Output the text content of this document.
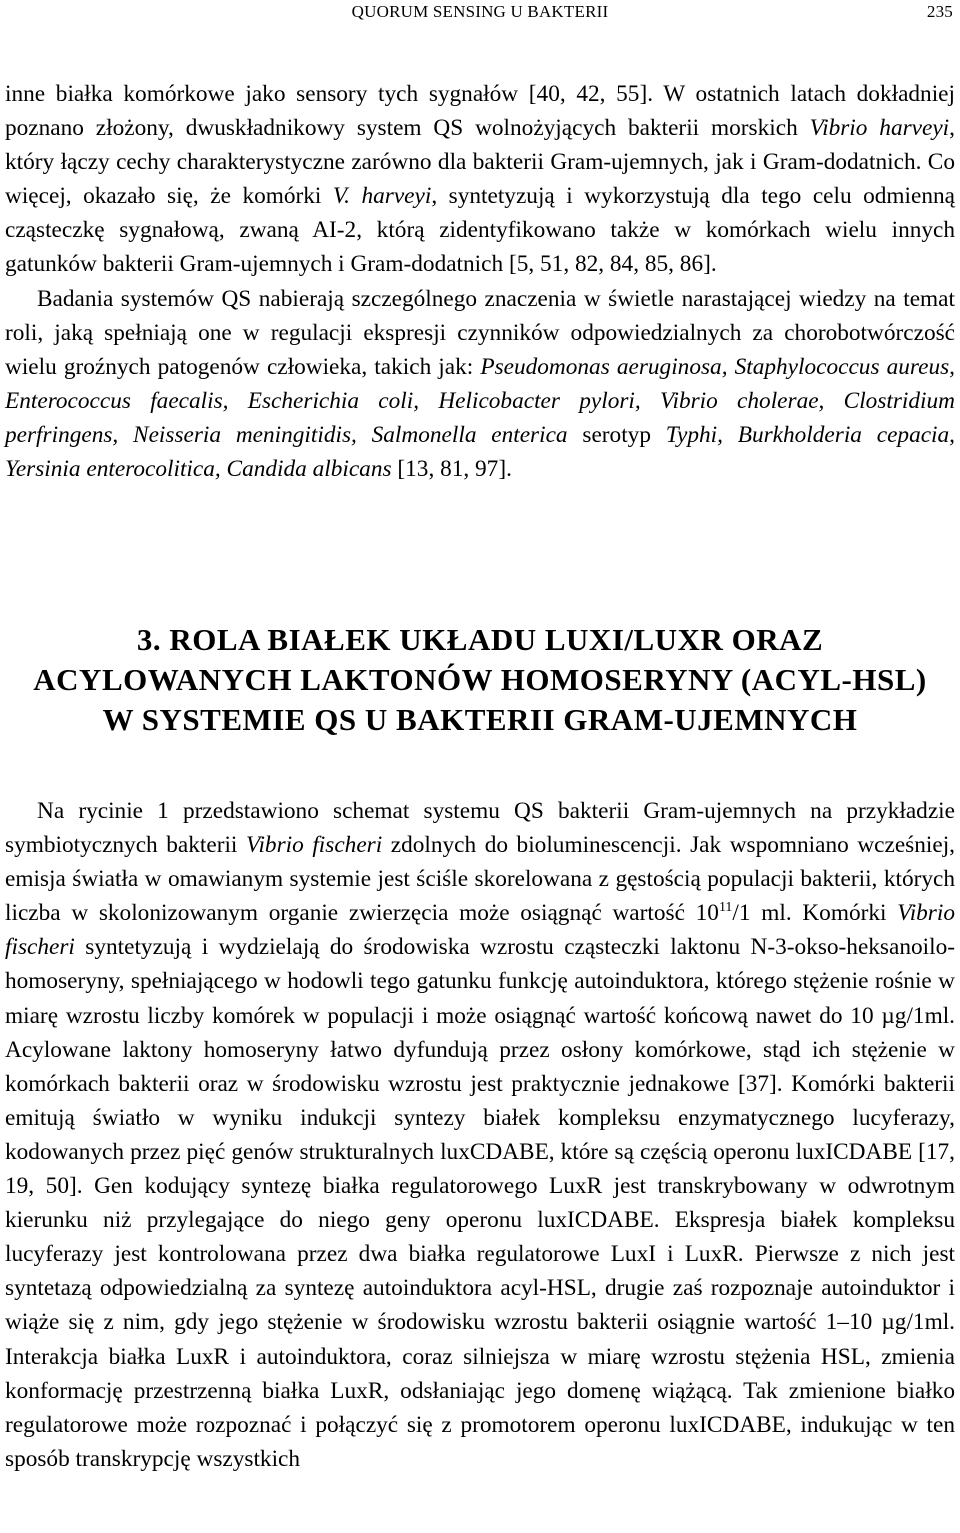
QUORUM SENSING U BAKTERII	235

inne białka komórkowe jako sensory tych sygnałów [40, 42, 55]. W ostatnich latach dokładniej poznano złożony, dwuskładnikowy system QS wolnożyjących bakterii morskich Vibrio harveyi, który łączy cechy charakterystyczne zarówno dla bakterii Gram-ujemnych, jak i Gram-dodatnich. Co więcej, okazało się, że komórki V. harveyi, syntetyzują i wykorzystują dla tego celu odmienną cząsteczkę sygnałową, zwaną AI-2, którą zidentyfikowano także w komórkach wielu innych gatunków bakterii Gram-ujemnych i Gram-dodatnich [5, 51, 82, 84, 85, 86].

Badania systemów QS nabierają szczególnego znaczenia w świetle narastającej wiedzy na temat roli, jaką spełniają one w regulacji ekspresji czynników odpowiedzialnych za chorobotwórczość wielu groźnych patogenów człowieka, takich jak: Pseudomonas aeruginosa, Staphylococcus aureus, Enterococcus faecalis, Escherichia coli, Helicobacter pylori, Vibrio cholerae, Clostridium perfringens, Neisseria meningitidis, Salmonella enterica serotyp Typhi, Burkholderia cepacia, Yersinia enterocolitica, Candida albicans [13, 81, 97].

3. ROLA BIAŁEK UKŁADU LUXI/LUXR ORAZ
ACYLOWANYCH LAKTONÓW HOMOSERYNY (ACYL-HSL)
W SYSTEMIE QS U BAKTERII GRAM-UJEMNYCH

Na rycinie 1 przedstawiono schemat systemu QS bakterii Gram-ujemnych na przykładzie symbiotycznych bakterii Vibrio fischeri zdolnych do bioluminescencji. Jak wspomniano wcześniej, emisja światła w omawianym systemie jest ściśle skorelowana z gęstością populacji bakterii, których liczba w skolonizowanym organie zwierzęcia może osiągnąć wartość $10^{11}/1$ ml. Komórki Vibrio fischeri syntetyzują i wydzielają do środowiska wzrostu cząsteczki laktonu N-3-okso-heksanoilo- homoseryny, spełniającego w hodowli tego gatunku funkcję autoinduktora, którego stężenie rośnie w miarę wzrostu liczby komórek w populacji i może osiągnąć wartość końcową nawet do 10 µg/1ml. Acylowane laktony homoseryny łatwo dyfundują przez osłony komórkowe, stąd ich stężenie w komórkach bakterii oraz w środowisku wzrostu jest praktycznie jednakowe [37]. Komórki bakterii emitują światło w wyniku indukcji syntezy białek kompleksu enzymatycznego lucyferazy, kodowanych przez pięć genów strukturalnych luxCDABE, które są częścią operonu luxICDABE [17, 19, 50]. Gen kodujący syntezę białka regulatorowego LuxR jest transkrybowany w odwrotnym kierunku niż przylegające do niego geny operonu luxICDABE. Ekspresja białek kompleksu lucyferazy jest kontrolowana przez dwa białka regulatorowe LuxI i LuxR. Pierwsze z nich jest syntetazą odpowiedzialną za syntezę autoinduktora acyl-HSL, drugie zaś rozpoznaje autoinduktor i wiąże się z nim, gdy jego stężenie w środowisku wzrostu bakterii osiągnie wartość 1–10 µg/1ml. Interakcja białka LuxR i autoinduktora, coraz silniejsza w miarę wzrostu stężenia HSL, zmienia konformację przestrzenną białka LuxR, odsłaniając jego domenę wiążącą. Tak zmienione białko regulatorowe może rozpoznać i połączyć się z promotorem operonu luxICDABE, indukując w ten sposób transkrypcję wszystkich
